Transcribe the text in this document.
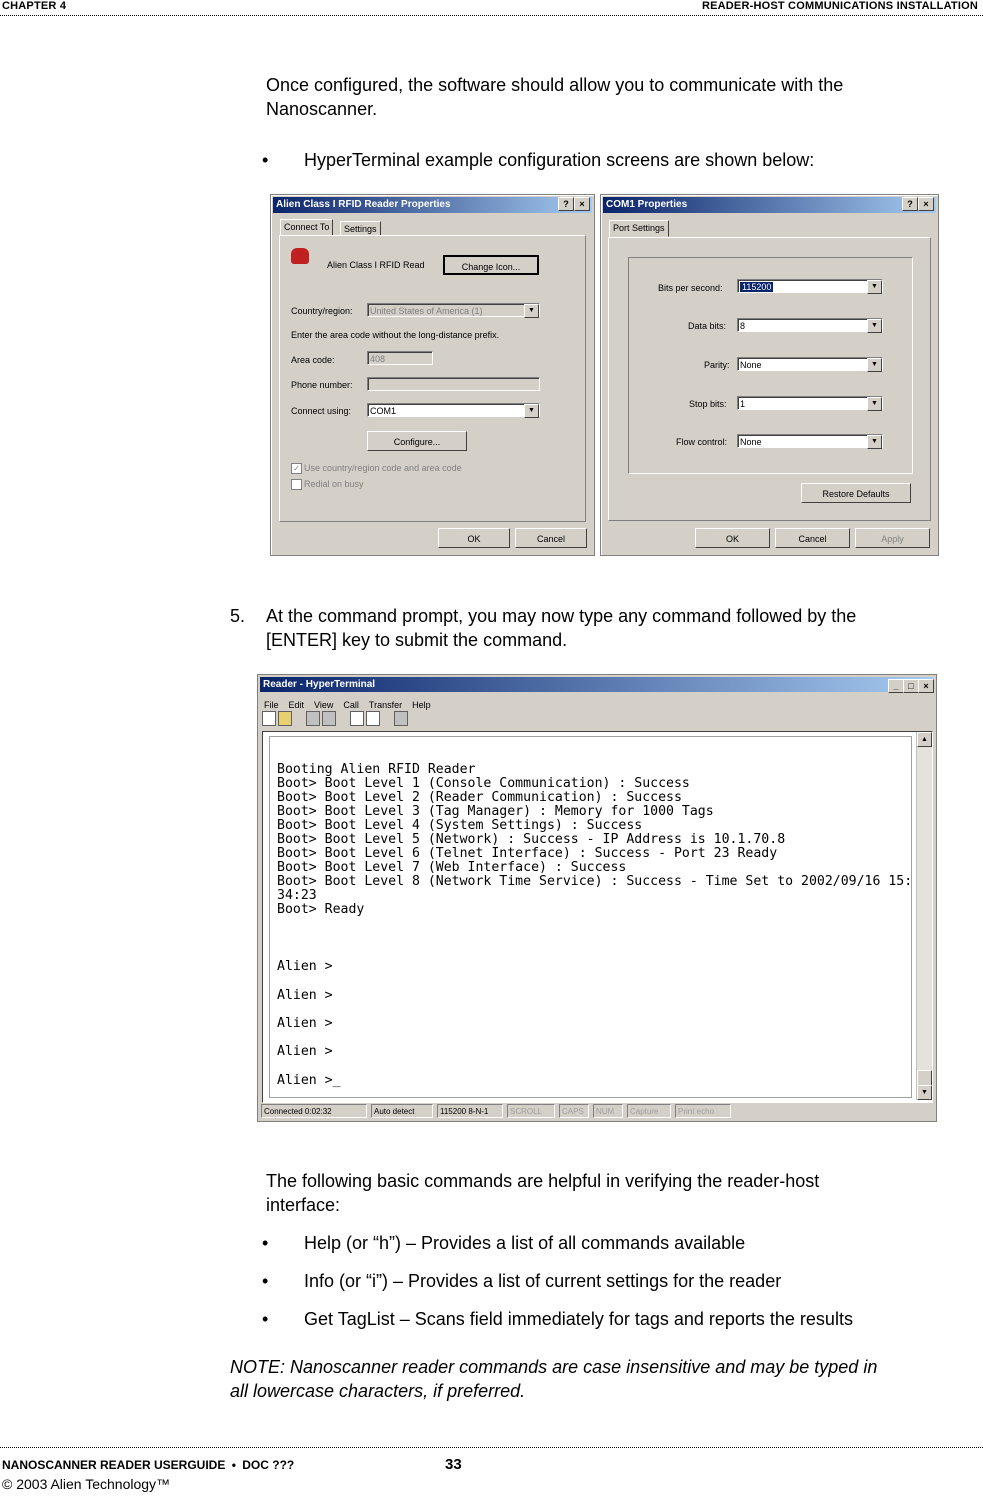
CHAPTER 4	READER-HOST COMMUNICATIONS INSTALLATION
Once configured, the software should allow you to communicate with the
Nanoscanner.
• HyperTerminal example configuration screens are shown below:
Alien Class I RFID Reader Properties	?	×
Connect To	Settings
Alien Class I RFID Read	Change Icon...
Country/region:	United States of America (1)	▼
Enter the area code without the long-distance prefix.
Area code:	408
Phone number:
Connect using:	COM1	▼
Configure...
✓ Use country/region code and area code
Redial on busy
OK	Cancel
COM1 Properties	?	×
Port Settings
Bits per second:	115200	▼
Data bits:	8	▼
Parity:	None	▼
Stop bits:	1	▼
Flow control:	None	▼
Restore Defaults
OK	Cancel	Apply
5. At the command prompt, you may now type any command followed by the
[ENTER] key to submit the command.
Reader - HyperTerminal	_	□	×
File Edit View Call Transfer Help
Booting Alien RFID Reader
Boot> Boot Level 1 (Console Communication) : Success
Boot> Boot Level 2 (Reader Communication) : Success
Boot> Boot Level 3 (Tag Manager) : Memory for 1000 Tags
Boot> Boot Level 4 (System Settings) : Success
Boot> Boot Level 5 (Network) : Success - IP Address is 10.1.70.8
Boot> Boot Level 6 (Telnet Interface) : Success - Port 23 Ready
Boot> Boot Level 7 (Web Interface) : Success
Boot> Boot Level 8 (Network Time Service) : Success - Time Set to 2002/09/16 15:
34:23
Boot> Ready
Alien >
Alien >
Alien >
Alien >
Alien >_
▲
▼
Connected 0:02:32	Auto detect	115200 8-N-1	SCROLL	CAPS	NUM	Capture	Print echo
The following basic commands are helpful in verifying the reader-host
interface:
• Help (or “h”) – Provides a list of all commands available
• Info (or “i”) – Provides a list of current settings for the reader
• Get TagList – Scans field immediately for tags and reports the results
NOTE: Nanoscanner reader commands are case insensitive and may be typed in
all lowercase characters, if preferred.
NANOSCANNER READER USERGUIDE • DOC ???	33
© 2003 Alien Technology™
